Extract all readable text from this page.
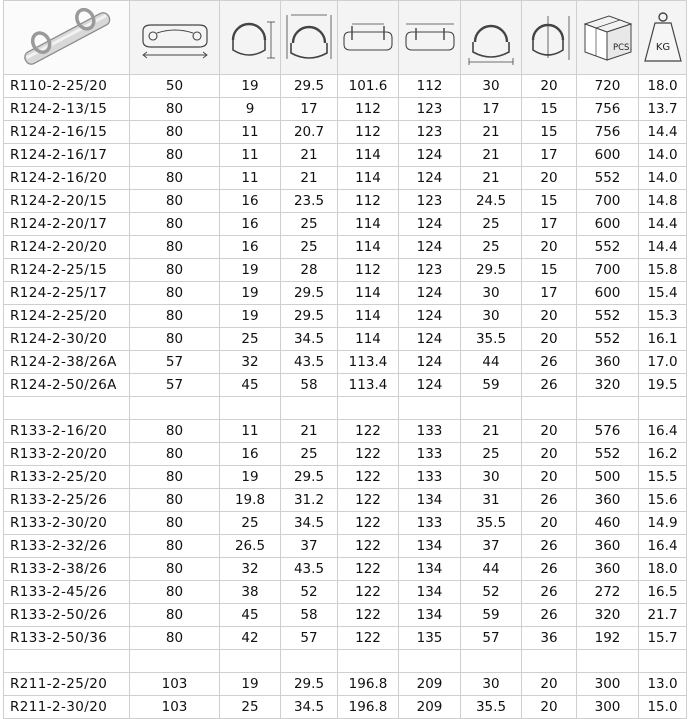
PCS.	KG

R110-2-25/20	50	19	29.5	101.6	112	30	20	720	18.0
R124-2-13/15	80	9	17	112	123	17	15	756	13.7
R124-2-16/15	80	11	20.7	112	123	21	15	756	14.4
R124-2-16/17	80	11	21	114	124	21	17	600	14.0
R124-2-16/20	80	11	21	114	124	21	20	552	14.0
R124-2-20/15	80	16	23.5	112	123	24.5	15	700	14.8
R124-2-20/17	80	16	25	114	124	25	17	600	14.4
R124-2-20/20	80	16	25	114	124	25	20	552	14.4
R124-2-25/15	80	19	28	112	123	29.5	15	700	15.8
R124-2-25/17	80	19	29.5	114	124	30	17	600	15.4
R124-2-25/20	80	19	29.5	114	124	30	20	552	15.3
R124-2-30/20	80	25	34.5	114	124	35.5	20	552	16.1
R124-2-38/26A	57	32	43.5	113.4	124	44	26	360	17.0
R124-2-50/26A	57	45	58	113.4	124	59	26	320	19.5

R133-2-16/20	80	11	21	122	133	21	20	576	16.4
R133-2-20/20	80	16	25	122	133	25	20	552	16.2
R133-2-25/20	80	19	29.5	122	133	30	20	500	15.5
R133-2-25/26	80	19.8	31.2	122	134	31	26	360	15.6
R133-2-30/20	80	25	34.5	122	133	35.5	20	460	14.9
R133-2-32/26	80	26.5	37	122	134	37	26	360	16.4
R133-2-38/26	80	32	43.5	122	134	44	26	360	18.0
R133-2-45/26	80	38	52	122	134	52	26	272	16.5
R133-2-50/26	80	45	58	122	134	59	26	320	21.7
R133-2-50/36	80	42	57	122	135	57	36	192	15.7

R211-2-25/20	103	19	29.5	196.8	209	30	20	300	13.0
R211-2-30/20	103	25	34.5	196.8	209	35.5	20	300	15.0
